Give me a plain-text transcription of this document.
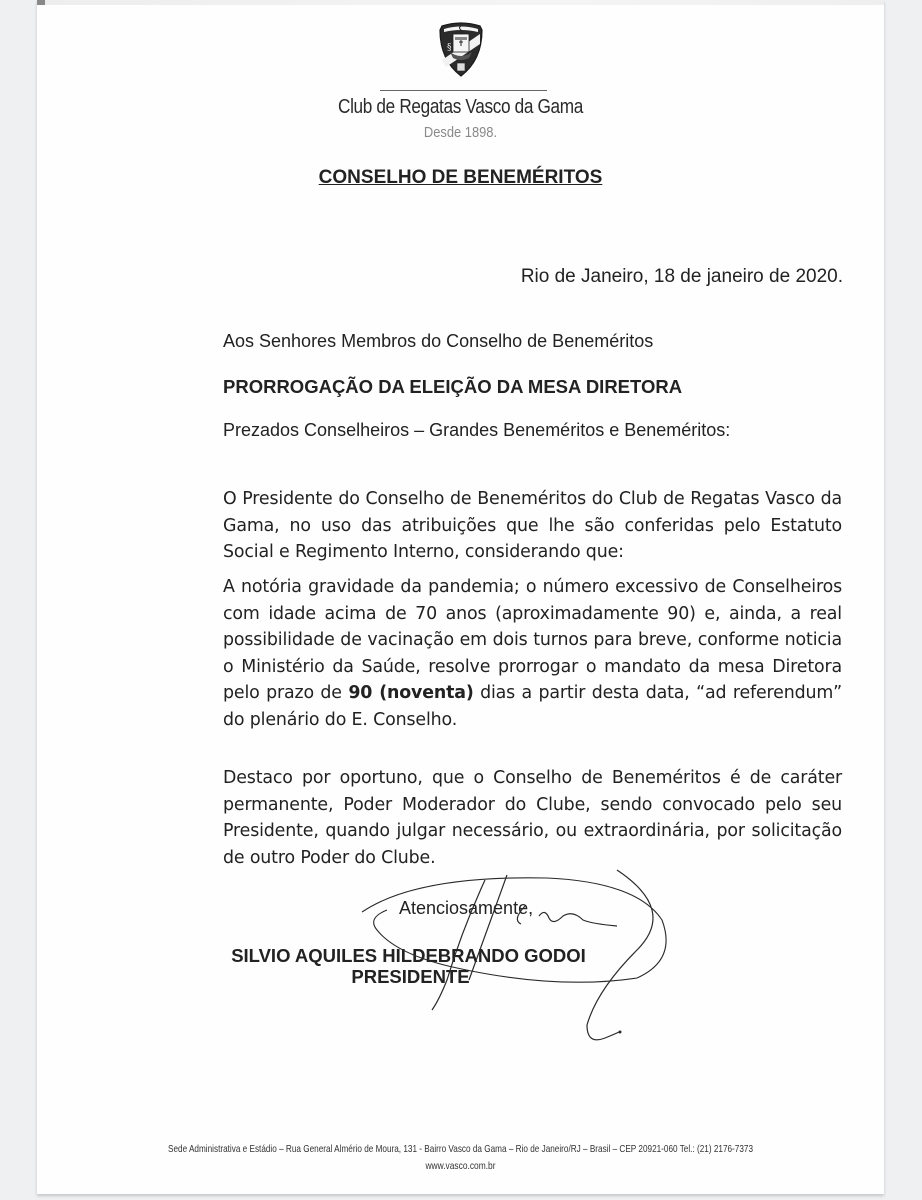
§
Club de Regatas Vasco da Gama
Desde 1898.
CONSELHO DE BENEMÉRITOS
Rio de Janeiro, 18 de janeiro de 2020.
Aos Senhores Membros do Conselho de Beneméritos
PRORROGAÇÃO DA ELEIÇÃO DA MESA DIRETORA
Prezados Conselheiros – Grandes Beneméritos e Beneméritos:
O Presidente do Conselho de Beneméritos do Club de Regatas Vasco da Gama, no uso das atribuições que lhe são conferidas pelo Estatuto Social e Regimento Interno, considerando que:
A notória gravidade da pandemia; o número excessivo de Conselheiros com idade acima de 70 anos (aproximadamente 90) e, ainda, a real possibilidade de vacinação em dois turnos para breve, conforme noticia o Ministério da Saúde, resolve prorrogar o mandato da mesa Diretora pelo prazo de 90 (noventa) dias a partir desta data, “ad referendum” do plenário do E. Conselho.
Destaco por oportuno, que o Conselho de Beneméritos é de caráter permanente, Poder Moderador do Clube, sendo convocado pelo seu Presidente, quando julgar necessário, ou extraordinária, por solicitação de outro Poder do Clube.
Atenciosamente,
SILVIO AQUILES HILDEBRANDO GODOI
PRESIDENTE
Sede Administrativa e Estádio – Rua General Almério de Moura, 131 - Bairro Vasco da Gama – Rio de Janeiro/RJ – Brasil – CEP 20921-060 Tel.: (21) 2176-7373
www.vasco.com.br
